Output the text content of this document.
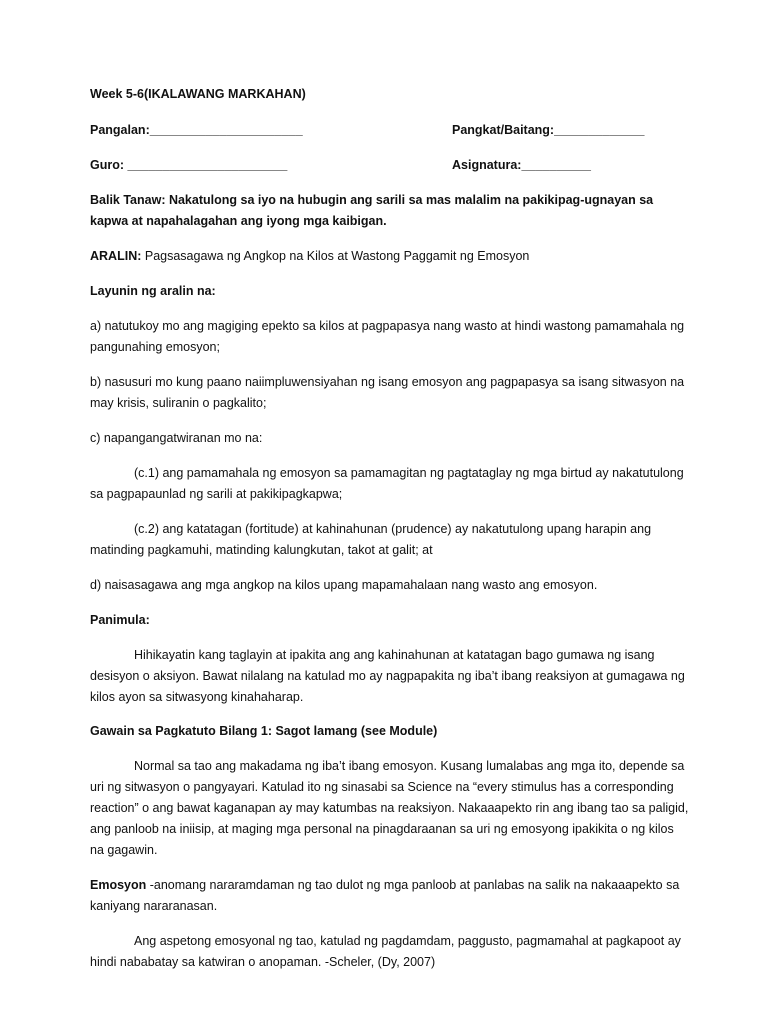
Week 5-6(IKALAWANG MARKAHAN)

Pangalan:______________________	Pangkat/Baitang:_____________
Guro: _______________________	Asignatura:__________

Balik Tanaw: Nakatulong sa iyo na hubugin ang sarili sa mas malalim na pakikipag-ugnayan sa kapwa at napahalagahan ang iyong mga kaibigan.

ARALIN: Pagsasagawa ng Angkop na Kilos at Wastong Paggamit ng Emosyon

Layunin ng aralin na:

a) natutukoy mo ang magiging epekto sa kilos at pagpapasya nang wasto at hindi wastong pamamahala ng pangunahing emosyon;

b) nasusuri mo kung paano naiimpluwensiyahan ng isang emosyon ang pagpapasya sa isang sitwasyon na may krisis, suliranin o pagkalito;

c) napangangatwiranan mo na:

(c.1) ang pamamahala ng emosyon sa pamamagitan ng pagtataglay ng mga birtud ay nakatutulong sa pagpapaunlad ng sarili at pakikipagkapwa;

(c.2) ang katatagan (fortitude) at kahinahunan (prudence) ay nakatutulong upang harapin ang matinding pagkamuhi, matinding kalungkutan, takot at galit; at

d) naisasagawa ang mga angkop na kilos upang mapamahalaan nang wasto ang emosyon.

Panimula:

Hihikayatin kang taglayin at ipakita ang ang kahinahunan at katatagan bago gumawa ng isang desisyon o aksiyon. Bawat nilalang na katulad mo ay nagpapakita ng iba’t ibang reaksiyon at gumagawa ng kilos ayon sa sitwasyong kinahaharap.

Gawain sa Pagkatuto Bilang 1: Sagot lamang (see Module)

Normal sa tao ang makadama ng iba’t ibang emosyon. Kusang lumalabas ang mga ito, depende sa uri ng sitwasyon o pangyayari. Katulad ito ng sinasabi sa Science na “every stimulus has a corresponding reaction” o ang bawat kaganapan ay may katumbas na reaksiyon. Nakaaapekto rin ang ibang tao sa paligid, ang panloob na iniisip, at maging mga personal na pinagdaraanan sa uri ng emosyong ipakikita o ng kilos na gagawin.

Emosyon -anomang nararamdaman ng tao dulot ng mga panloob at panlabas na salik na nakaaapekto sa kaniyang nararanasan.

Ang aspetong emosyonal ng tao, katulad ng pagdamdam, paggusto, pagmamahal at pagkapoot ay hindi nababatay sa katwiran o anopaman. -Scheler, (Dy, 2007)
